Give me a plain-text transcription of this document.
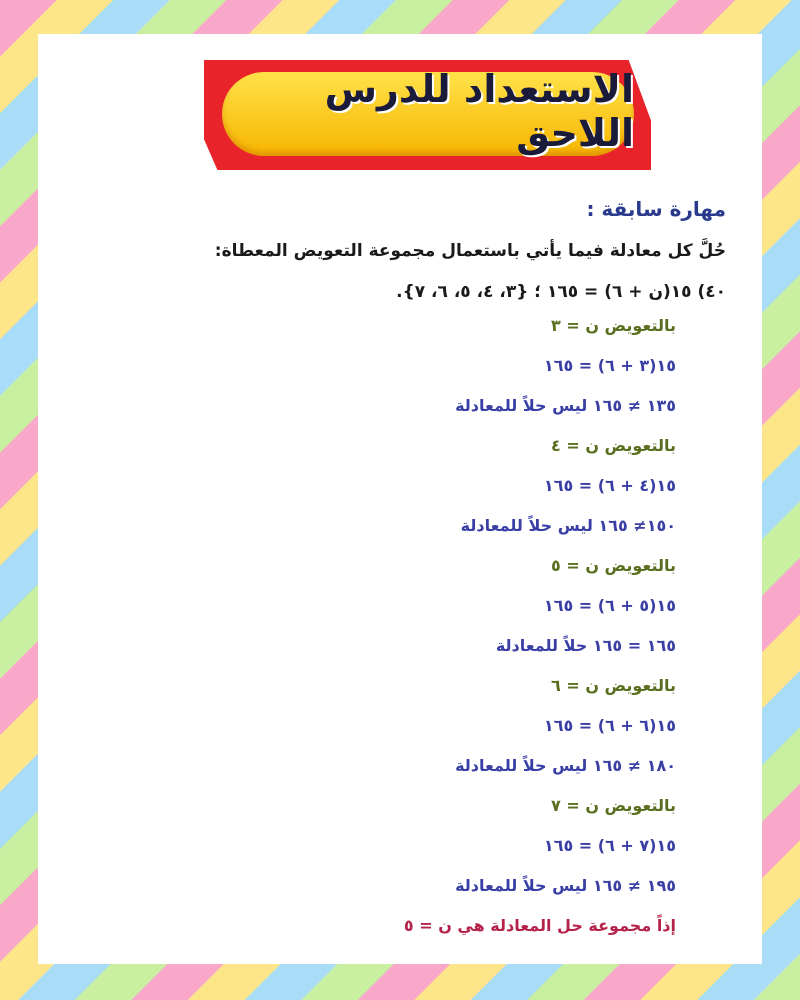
الاستعداد للدرس اللاحق
مهارة سابقة :
حُلَّ كل معادلة فيما يأتي باستعمال مجموعة التعويض المعطاة:
٤٠) ١٥(ن + ٦) = ١٦٥ ؛ {٣، ٤، ٥، ٦، ٧}.
بالتعويض ن = ٣
١٥(٣ + ٦) = ١٦٥
١٣٥ ≠ ١٦٥ ليس حلاً للمعادلة
بالتعويض ن = ٤
١٥(٤ + ٦) = ١٦٥
١٥٠≠ ١٦٥ ليس حلاً للمعادلة
بالتعويض ن = ٥
١٥(٥ + ٦) = ١٦٥
١٦٥ = ١٦٥ حلاً للمعادلة
بالتعويض ن = ٦
١٥(٦ + ٦) = ١٦٥
١٨٠ ≠ ١٦٥ ليس حلاً للمعادلة
بالتعويض ن = ٧
١٥(٧ + ٦) = ١٦٥
١٩٥ ≠ ١٦٥ ليس حلاً للمعادلة
إذاً مجموعة حل المعادلة هي ن = ٥
